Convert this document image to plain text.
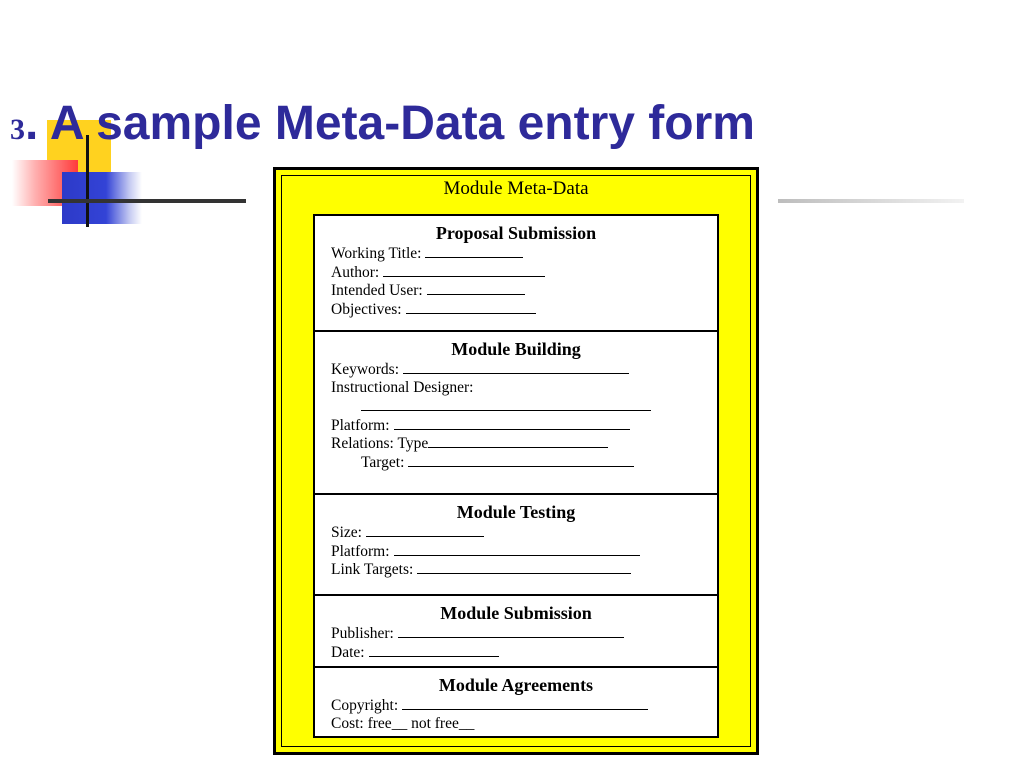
3. A sample Meta-Data entry form
Module Meta-Data
Proposal Submission
Working Title:
Author:
Intended User:
Objectives:
Module Building
Keywords:
Instructional Designer:
Platform:
Relations: Type
Target:
Module Testing
Size:
Platform:
Link Targets:
Module Submission
Publisher:
Date:
Module Agreements
Copyright:
Cost: free__ not free__
